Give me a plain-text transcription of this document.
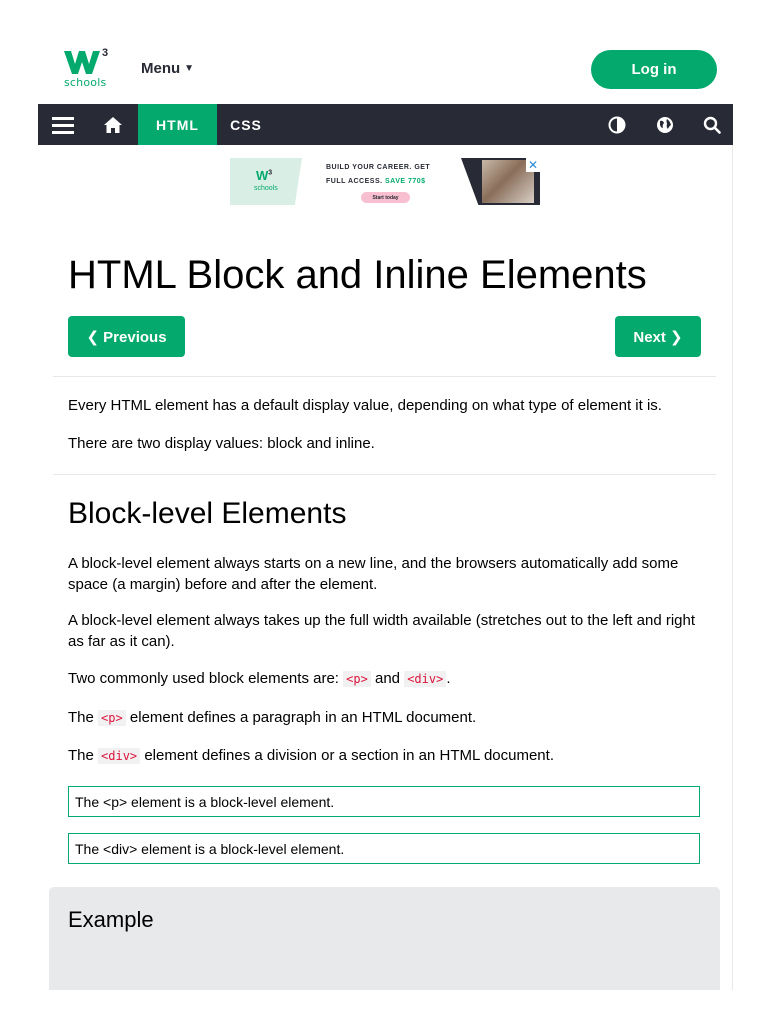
3
schools
Menu ▼	Log in
HTML	CSS
$W^3$
schools
BUILD YOUR CAREER. GET
FULL ACCESS. SAVE 770$
Start today
✕
HTML Block and Inline Elements
❮ Previous	Next ❯

Every HTML element has a default display value, depending on what type of element it is.

There are two display values: block and inline.

Block-level Elements

A block-level element always starts on a new line, and the browsers automatically add some space (a margin) before and after the element.

A block-level element always takes up the full width available (stretches out to the left and right as far as it can).

Two commonly used block elements are: <p> and <div> .

The <p> element defines a paragraph in an HTML document.

The <div> element defines a division or a section in an HTML document.

The <p> element is a block-level element.
The <div> element is a block-level element.
Example
